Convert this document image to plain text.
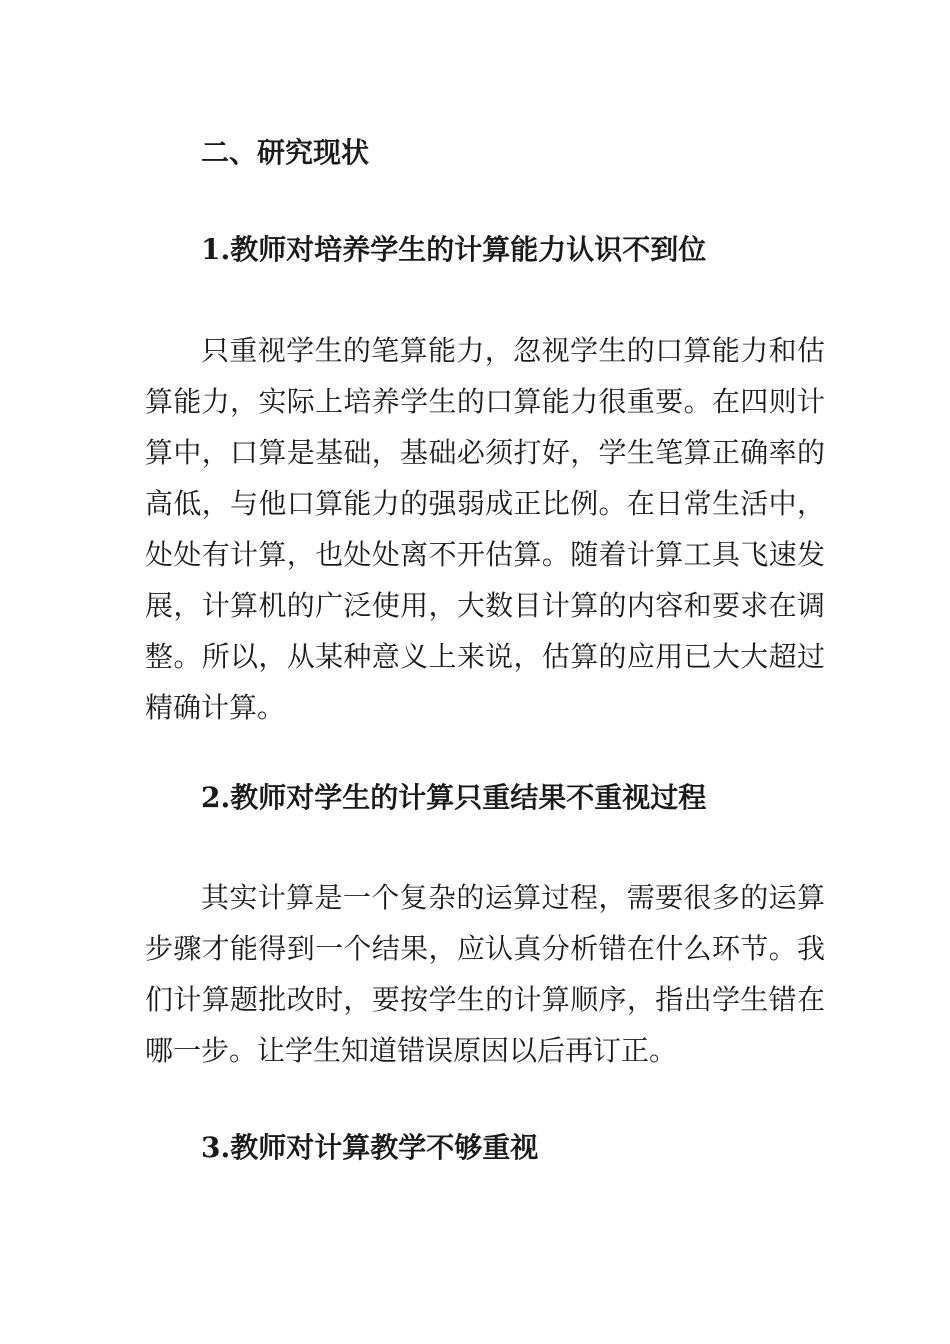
二、研究现状
1.教师对培养学生的计算能力认识不到位

只重视学生的笔算能力，忽视学生的口算能力和估算能力，实际上培养学生的口算能力很重要。在四则计算中，口算是基础，基础必须打好，学生笔算正确率的高低，与他口算能力的强弱成正比例。在日常生活中，处处有计算，也处处离不开估算。随着计算工具飞速发展，计算机的广泛使用，大数目计算的内容和要求在调整。所以，从某种意义上来说，估算的应用已大大超过精确计算。

2.教师对学生的计算只重结果不重视过程

其实计算是一个复杂的运算过程，需要很多的运算步骤才能得到一个结果，应认真分析错在什么环节。我们计算题批改时，要按学生的计算顺序，指出学生错在哪一步。让学生知道错误原因以后再订正。

3.教师对计算教学不够重视
